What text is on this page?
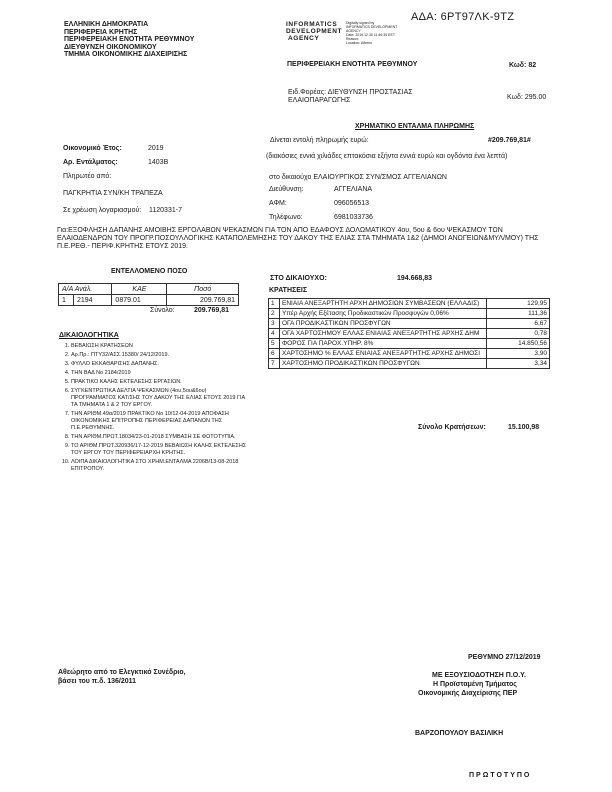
ΑΔΑ: 6ΡΤ97ΛΚ-9ΤΖ
ΕΛΛΗΝΙΚΗ ΔΗΜΟΚΡΑΤΙΑ
ΠΕΡΙΦΕΡΕΙΑ ΚΡΗΤΗΣ
ΠΕΡΙΦΕΡΕΙΑΚΗ ΕΝΟΤΗΤΑ ΡΕΘΥΜΝΟΥ
ΔΙΕΥΘΥΝΣΗ ΟΙΚΟΝΟΜΙΚΟΥ
ΤΜΗΜΑ ΟΙΚΟΝΟΜΙΚΗΣ ΔΙΑΧΕΙΡΙΣΗΣ
INFORMATICS
DEVELOPMENT
AGENCY
Digitally signed by
INFORMATICS DEVELOPMENT AGENCY
Date: 2019.12.30 11:46:30 EET
Reason:
Location: Athens
ΠΕΡΙΦΕΡΕΙΑΚΗ ΕΝΟΤΗΤΑ ΡΕΘΥΜΝΟΥ	Κωδ: 82
Ειδ.Φορέας: ΔΙΕΥΘΥΝΣΗ ΠΡΟΣΤΑΣΙΑΣ
ΕΛΑΙΟΠΑΡΑΓΩΓΗΣ	Κωδ: 295.00
ΧΡΗΜΑΤΙΚΟ ΕΝΤΑΛΜΑ ΠΛΗΡΩΜΗΣ
Οικονομικό Έτος:	2019
Αρ. Εντάλματος:	1403Β
Πληρωτέο από:
ΠΑΓΚΡΗΤΙΑ ΣΥΝ/ΚΗ ΤΡΑΠΕΖΑ
Σε χρέωση λογαριασμού: 1120331-7
Δίνεται εντολή πληρωμής ευρώ:	#209.769,81#
(διακόσιες εννιά χιλιάδες επτακόσια εξήντα εννιά ευρώ και ογδόντα ένα λεπτά)
στο δικαιούχο ΕΛΑΙΟΥΡΓΙΚΟΣ ΣΥΝ/ΣΜΟΣ ΑΓΓΕΛΙΑΝΩΝ
Διεύθυνση:	ΑΓΓΕΛΙΑΝΑ
ΑΦΜ:	096056513
Τηλέφωνο:	6981033736
Για:ΕΞΟΦΛΗΣΗ ΔΑΠΑΝΗΣ ΑΜΟΙΒΗΣ ΕΡΓΟΛΑΒΩΝ ΨΕΚΑΣΜΩΝ ΓΙΑ ΤΟΝ ΑΠΟ ΕΔΑΦΟΥΣ ΔΟΛΩΜΑΤΙΚΟΥ 4ου, 5ου & 6ου ΨΕΚΑΣΜΟΥ ΤΩΝ ΕΛΑΙΟΔΕΝΔΡΩΝ ΤΟΥ ΠΡΟΓΡ.ΠΟΣΟΥΛΛΟΓΙΚΗΣ ΚΑΤΑΠΟΛΕΜΗΣΗΣ ΤΟΥ ΔΑΚΟΥ ΤΗΣ ΕΛΙΑΣ ΣΤΑ ΤΜΗΜΑΤΑ 1&2 (ΔΗΜΟΙ ΑΝΩΓΕΙΩΝ&ΜΥΛ/ΜΟΥ) ΤΗΣ Π.Ε.ΡΕΘ.- ΠΕΡΙΦ.ΚΡΗΤΗΣ ΕΤΟΥΣ 2019.
ΕΝΤΕΛΛΟΜΕΝΟ ΠΟΣΟ
Α/Α Ανάλ.		ΚΑΕ	Ποσό
1	2194	0879.01	209.769,81
Σύνολο:	209.769,81
ΣΤΟ ΔΙΚΑΙΟΥΧΟ:	194.668,83
ΚΡΑΤΗΣΕΙΣ
1	ΕΝΙΑΙΑ ΑΝΕΞΑΡΤΗΤΗ ΑΡΧΗ ΔΗΜΟΣΙΩΝ ΣΥΜΒΑΣΕΩΝ (ΕΛΛΑΔΙΣ)	129,95
2	Υπέρ Αρχής Εξέτασης Προδικαστικών Προσφυγών 0,06%	111,36
3	ΟΓΑ ΠΡΟΔΙΚΑΣΤΙΚΩΝ ΠΡΟΣΦΥΓΩΝ	6,67
4	ΟΓΑ ΧΑΡΤΟΣΗΜΟΥ ΕΛΛΑΣ ΕΝΙΑΙΑΣ ΑΝΕΞΑΡΤΗΤΗΣ ΑΡΧΗΣ ΔΗΜ	0,78
5	ΦΟΡΟΣ ΓΙΑ ΠΑΡΟΧ.ΥΠΗΡ. 8%	14.850,56
6	ΧΑΡΤΟΣΗΜΟ % ΕΛΛΑΣ ΕΝΙΑΙΑΣ ΑΝΕΞΑΡΤΗΤΗΣ ΑΡΧΗΣ ΔΗΜΟΣΙ	3,90
7	ΧΑΡΤΟΣΗΜΟ ΠΡΟΔΙΚΑΣΤΙΚΩΝ ΠΡΟΣΦΥΓΩΝ	3,34
Σύνολο Κρατήσεων:	15.100,98
ΔΙΚΑΙΟΛΟΓΗΤΙΚΑ
1. ΒΕΒΑΙΩΣΗ ΚΡΑΤΗΣΕΩΝ
2. Αρ.Πρ.: ΠΤΥ32/ΑΣΣ.15380/ 24/12/2019.
3. ΦΥΛΛΟ ΕΚΚΑΘΑΡΙΣΗΣ ΔΑΠΑΝΗΣ.
4. ΤΗΝ ΒΑΔ Νο 2184/2019
5. ΠΡΑΚΤΙΚΟ ΚΑΛΗΣ ΕΚΤΕΛΕΣΗΣ ΕΡΓΑΣΙΩΝ.
6. ΣΥΓΚΕΝΤΡΩΤΙΚΑ ΔΕΛΤΙΑ ΨΕΚΑΣΜΩΝ (4ου,5ου&6ου) ΠΡΟΓΡΑΜΜΑΤΟΣ ΚΑΤ/ΣΗΣ ΤΟΥ ΔΑΚΟΥ ΤΗΣ ΕΛΙΑΣ ΕΤΟΥΣ 2019 ΓΙΑ ΤΑ ΤΜΗΜΑΤΑ 1 & 2 ΤΟΥ ΕΡΓΟΥ.
7. ΤΗΝ ΑΡΙΘΜ.49α/2019 ΠΡΑΚΤΙΚΟ Νο 10/12-04-2019 ΑΠΟΦΑΣΗ ΟΙΚΟΝΟΜΙΚΗΣ ΕΠΙΤΡΟΠΗΣ ΠΕΡΙΦΕΡΕΙΑΣ ΔΑΠΑΝΩΝ ΤΗΣ Π.Ε.ΡΕΘΥΜΝΗΣ.
8. ΤΗΝ ΑΡΙΘΜ.ΠΡΩΤ.18034/23-01-2018 ΣΥΜΒΑΣΗ ΣΕ ΦΩΤΟΤΥΠΙΑ.
9. ΤΟ ΑΡΙΘΜ.ΠΡΩΤ.320936/17-12-2019 ΒΕΒΑΙΩΣΗ ΚΑΛΗΣ ΕΚΤΕΛΕΣΗΣ ΤΟΥ ΕΡΓΟΥ ΤΟΥ ΠΕΡΙΦΕΡΕΙΑΡΧΗ ΚΡΗΤΗΣ.
10. ΛΟΙΠΑ ΔΙΚΑΙΟΛΟΓΗΤΙΚΑ ΣΤΟ ΧΡΗΜ.ΕΝΤΑΛΜΑ 2206Β/13-08-2018 ΕΠΙΤΡΟΠΟΥ.
ΡΕΘΥΜΝΟ 27/12/2019
Αθεώρητο από το Ελεγκτικό Συνέδριο,
βάσει του π.δ. 136/2011
ΜΕ ΕΞΟΥΣΙΟΔΟΤΗΣΗ Π.Ο.Υ.
Η Προϊσταμένη Τμήματος
Οικονομικής Διαχείρισης ΠΕΡ
ΒΑΡΖΟΠΟΥΛΟΥ ΒΑΣΙΛΙΚΗ
ΠΡΩΤΟΤΥΠΟ
